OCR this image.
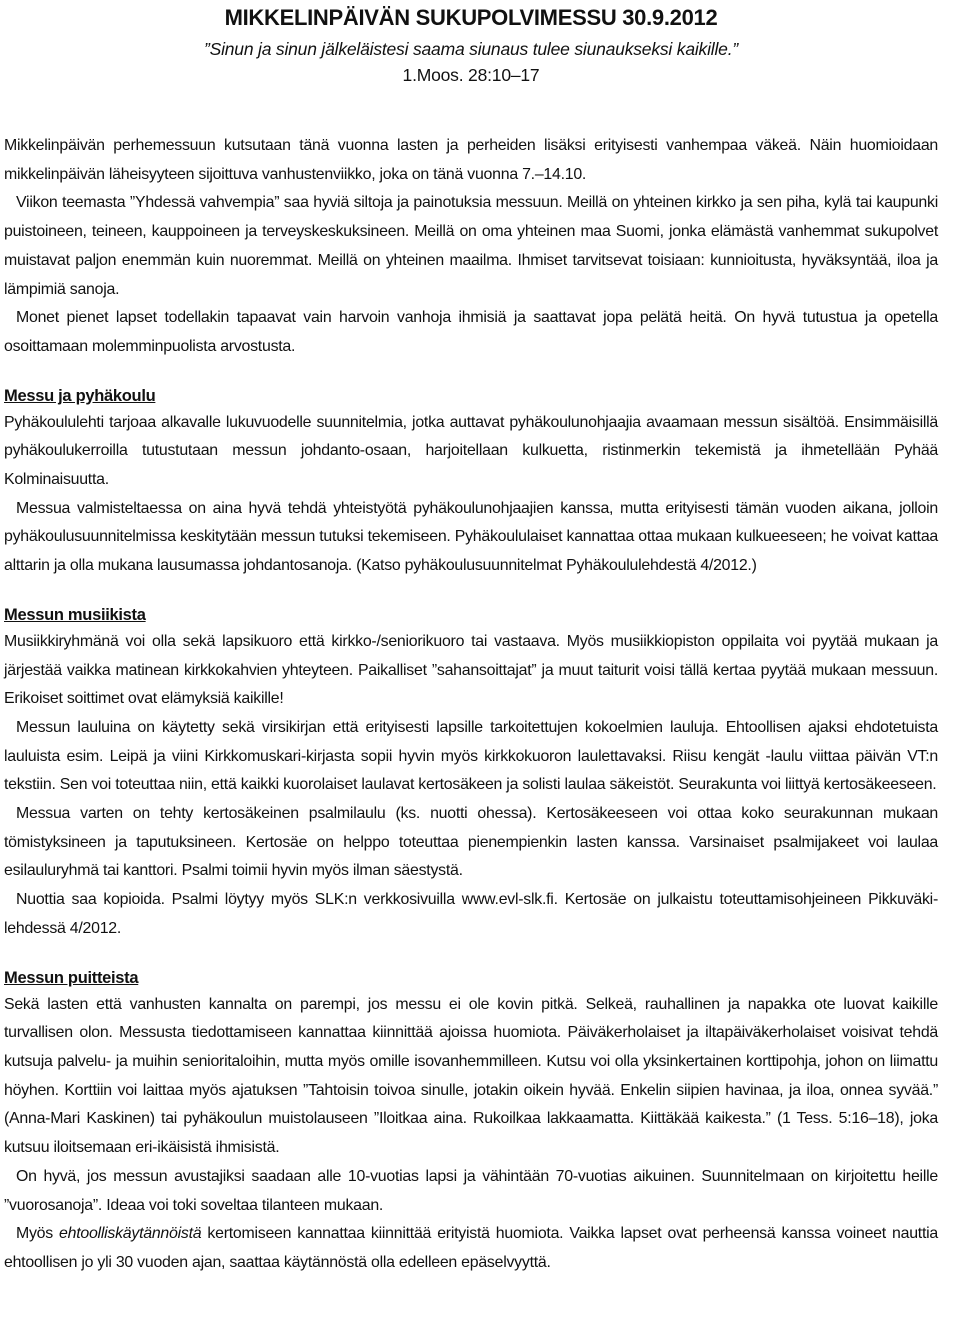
MIKKELINPÄIVÄN SUKUPOLVIMESSU 30.9.2012
”Sinun ja sinun jälkeläistesi saama siunaus tulee siunaukseksi kaikille.”
1.Moos. 28:10–17

Mikkelinpäivän perhemessuun kutsutaan tänä vuonna lasten ja perheiden lisäksi erityisesti vanhempaa väkeä. Näin huomioidaan mikkelinpäivän läheisyyteen sijoittuva vanhustenviikko, joka on tänä vuonna 7.–14.10.

Viikon teemasta ”Yhdessä vahvempia” saa hyviä siltoja ja painotuksia messuun. Meillä on yhteinen kirkko ja sen piha, kylä tai kaupunki puistoineen, teineen, kauppoineen ja terveyskeskuksineen. Meillä on oma yhteinen maa Suomi, jonka elämästä vanhemmat sukupolvet muistavat paljon enemmän kuin nuoremmat. Meillä on yhteinen maailma. Ihmiset tarvitsevat toisiaan: kunnioitusta, hyväksyntää, iloa ja lämpimiä sanoja.

Monet pienet lapset todellakin tapaavat vain harvoin vanhoja ihmisiä ja saattavat jopa pelätä heitä. On hyvä tutustua ja opetella osoittamaan molemminpuolista arvostusta.

Messu ja pyhäkoulu

Pyhäkoululehti tarjoaa alkavalle lukuvuodelle suunnitelmia, jotka auttavat pyhäkoulunohjaajia avaamaan messun sisältöä. Ensimmäisillä pyhäkoulukerroilla tutustutaan messun johdanto-osaan, harjoitellaan kulkuetta, ristinmerkin tekemistä ja ihmetellään Pyhää Kolminaisuutta.

Messua valmisteltaessa on aina hyvä tehdä yhteistyötä pyhäkoulunohjaajien kanssa, mutta erityisesti tämän vuoden aikana, jolloin pyhäkoulusuunnitelmissa keskitytään messun tutuksi tekemiseen. Pyhäkoululaiset kannattaa ottaa mukaan kulkueeseen; he voivat kattaa alttarin ja olla mukana lausumassa johdantosanoja. (Katso pyhäkoulusuunnitelmat Pyhäkoululehdestä 4/2012.)

Messun musiikista

Musiikkiryhmänä voi olla sekä lapsikuoro että kirkko-/seniorikuoro tai vastaava. Myös musiikkiopiston oppilaita voi pyytää mukaan ja järjestää vaikka matinean kirkkokahvien yhteyteen. Paikalliset ”sahansoittajat” ja muut taiturit voisi tällä kertaa pyytää mukaan messuun. Erikoiset soittimet ovat elämyksiä kaikille!

Messun lauluina on käytetty sekä virsikirjan että erityisesti lapsille tarkoitettujen kokoelmien lauluja. Ehtoollisen ajaksi ehdotetuista lauluista esim. Leipä ja viini Kirkkomuskari-kirjasta sopii hyvin myös kirkkokuoron laulettavaksi. Riisu kengät -laulu viittaa päivän VT:n tekstiin. Sen voi toteuttaa niin, että kaikki kuorolaiset laulavat kertosäkeen ja solisti laulaa säkeistöt. Seurakunta voi liittyä kertosäkeeseen.

Messua varten on tehty kertosäkeinen psalmilaulu (ks. nuotti ohessa). Kertosäkeeseen voi ottaa koko seurakunnan mukaan tömistyksineen ja taputuksineen. Kertosäe on helppo toteuttaa pienempienkin lasten kanssa. Varsinaiset psalmijakeet voi laulaa esilauluryhmä tai kanttori. Psalmi toimii hyvin myös ilman säestystä.

Nuottia saa kopioida. Psalmi löytyy myös SLK:n verkkosivuilla www.evl-slk.fi. Kertosäe on julkaistu toteuttamisohjeineen Pikkuväki-lehdessä 4/2012.

Messun puitteista

Sekä lasten että vanhusten kannalta on parempi, jos messu ei ole kovin pitkä. Selkeä, rauhallinen ja napakka ote luovat kaikille turvallisen olon. Messusta tiedottamiseen kannattaa kiinnittää ajoissa huomiota. Päiväkerholaiset ja iltapäiväkerholaiset voisivat tehdä kutsuja palvelu- ja muihin senioritaloihin, mutta myös omille isovanhemmilleen. Kutsu voi olla yksinkertainen korttipohja, johon on liimattu höyhen. Korttiin voi laittaa myös ajatuksen ”Tahtoisin toivoa sinulle, jotakin oikein hyvää. Enkelin siipien havinaa, ja iloa, onnea syvää.” (Anna-Mari Kaskinen) tai pyhäkoulun muistolauseen ”Iloitkaa aina. Rukoilkaa lakkaamatta. Kiittäkää kaikesta.” (1 Tess. 5:16–18), joka kutsuu iloitsemaan eri-ikäisistä ihmisistä.

On hyvä, jos messun avustajiksi saadaan alle 10-vuotias lapsi ja vähintään 70-vuotias aikuinen. Suunnitelmaan on kirjoitettu heille ”vuorosanoja”. Ideaa voi toki soveltaa tilanteen mukaan.

Myös ehtoolliskäytännöistä kertomiseen kannattaa kiinnittää erityistä huomiota. Vaikka lapset ovat perheensä kanssa voineet nauttia ehtoollisen jo yli 30 vuoden ajan, saattaa käytännöstä olla edelleen epäselvyyttä.
